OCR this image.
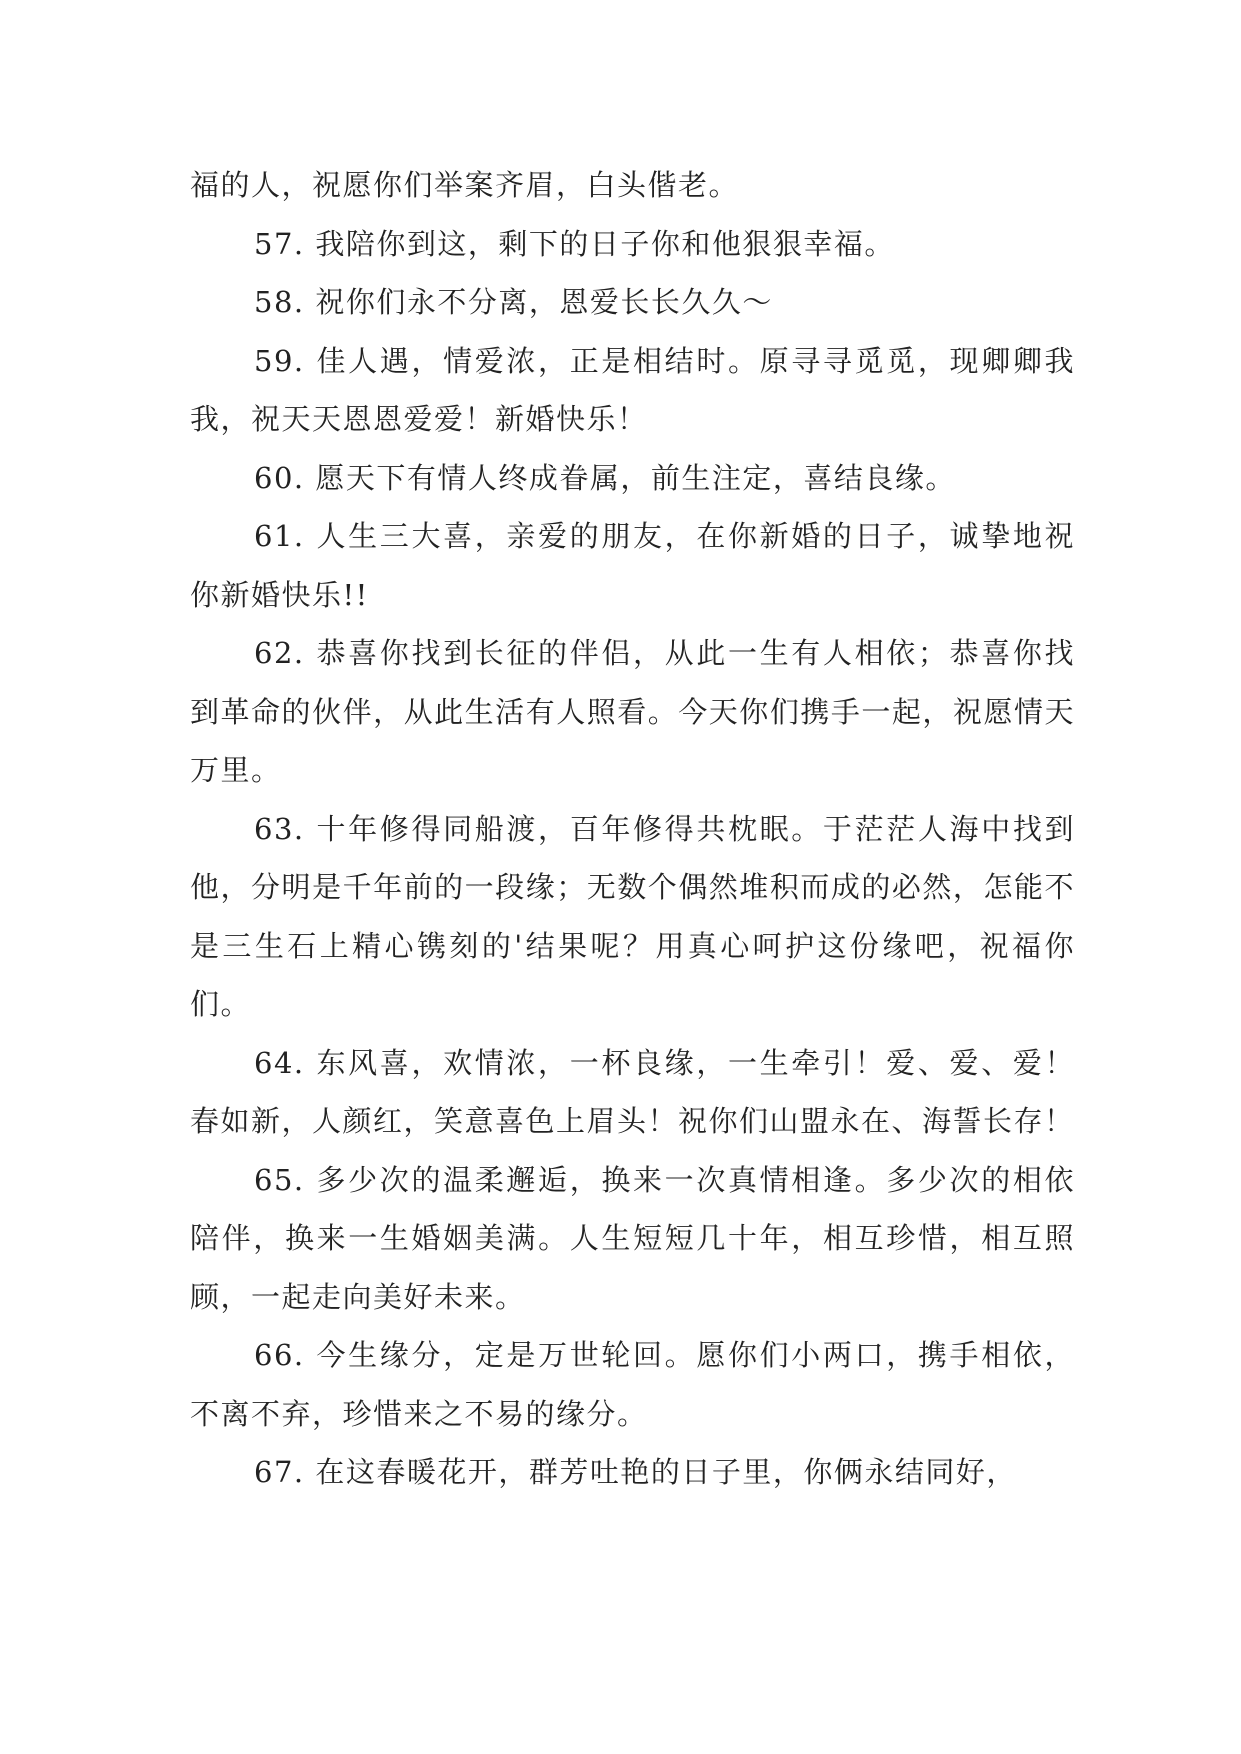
福的人，祝愿你们举案齐眉，白头偕老。

57. 我陪你到这，剩下的日子你和他狠狠幸福。

58. 祝你们永不分离，恩爱长长久久～

59. 佳人遇，情爱浓，正是相结时。原寻寻觅觅，现卿卿我我，祝天天恩恩爱爱！新婚快乐！

60. 愿天下有情人终成眷属，前生注定，喜结良缘。

61. 人生三大喜，亲爱的朋友，在你新婚的日子，诚挚地祝你新婚快乐!!

62. 恭喜你找到长征的伴侣，从此一生有人相依；恭喜你找到革命的伙伴，从此生活有人照看。今天你们携手一起，祝愿情天万里。

63. 十年修得同船渡，百年修得共枕眠。于茫茫人海中找到他，分明是千年前的一段缘；无数个偶然堆积而成的必然，怎能不是三生石上精心镌刻的'结果呢？用真心呵护这份缘吧，祝福你们。

64. 东风喜，欢情浓，一杯良缘，一生牵引！爱、爱、爱！春如新，人颜红，笑意喜色上眉头！祝你们山盟永在、海誓长存！

65. 多少次的温柔邂逅，换来一次真情相逢。多少次的相依陪伴，换来一生婚姻美满。人生短短几十年，相互珍惜，相互照顾，一起走向美好未来。

66. 今生缘分，定是万世轮回。愿你们小两口，携手相依，不离不弃，珍惜来之不易的缘分。

67. 在这春暖花开，群芳吐艳的日子里，你俩永结同好，
